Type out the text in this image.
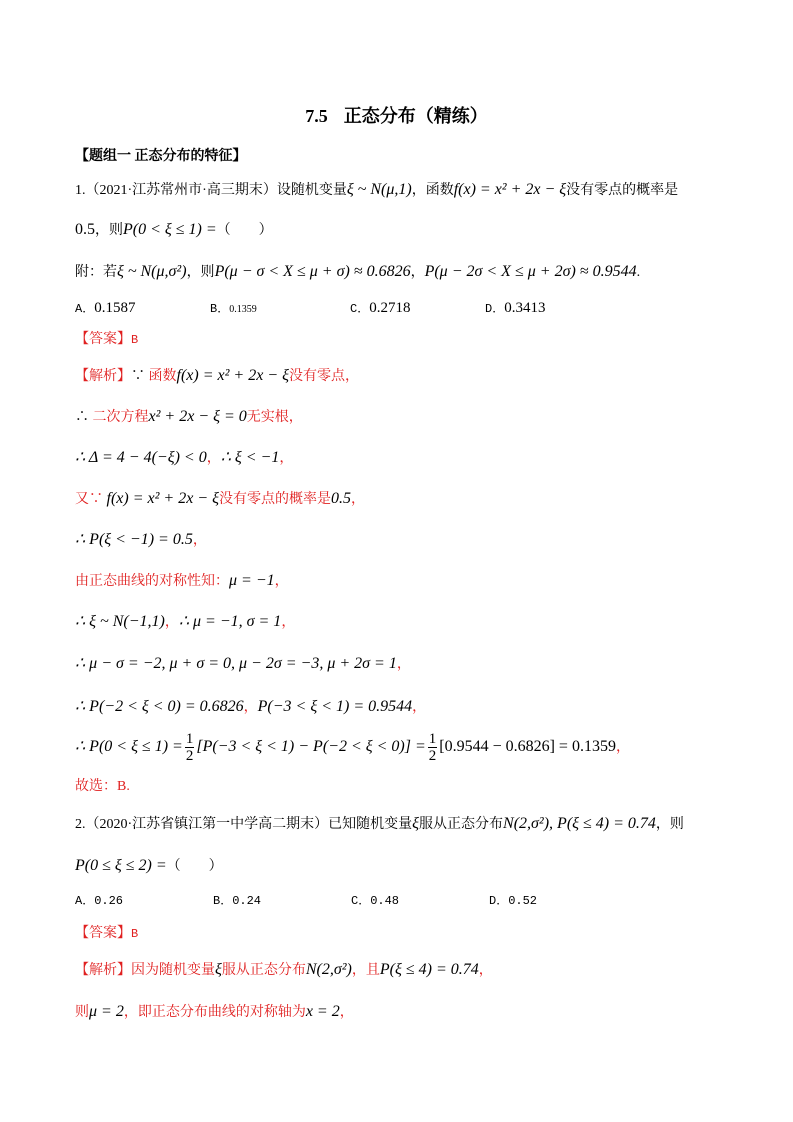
7.5 正态分布（精练）
【题组一 正态分布的特征】
1.（2021·江苏常州市·高三期末）设随机变量ξ ~ N(μ,1)，函数f(x) = x² + 2x − ξ没有零点的概率是
0.5，则P(0 < ξ ≤ 1) =（　　）
附：若ξ ~ N(μ,σ²)，则P(μ − σ < X ≤ μ + σ) ≈ 0.6826，P(μ − 2σ < X ≤ μ + 2σ) ≈ 0.9544.
A．0.1587	B．0.1359	C．0.2718	D．0.3413
【答案】B
【解析】∵ 函数f(x) = x² + 2x − ξ没有零点，
∴ 二次方程x² + 2x − ξ = 0无实根，
∴ Δ = 4 − 4(−ξ) < 0，∴ ξ < −1，
又∵ f(x) = x² + 2x − ξ没有零点的概率是0.5，
∴ P(ξ < −1) = 0.5，
由正态曲线的对称性知：μ = −1，
∴ ξ ~ N(−1,1)，∴ μ = −1, σ = 1，
∴ μ − σ = −2, μ + σ = 0, μ − 2σ = −3, μ + 2σ = 1，
∴ P(−2 < ξ < 0) = 0.6826，P(−3 < ξ < 1) = 0.9544，
∴ $P(0 < \xi \le 1) = \frac{1}{2} [P(-3 < \xi < 1) - P(-2 < \xi < 0)] = \frac{1}{2} [0.9544 - 0.6826] = 0.1359$，
故选：B.
2.（2020·江苏省镇江第一中学高二期末）已知随机变量ξ服从正态分布N(2,σ²), P(ξ ≤ 4) = 0.74，则
P(0 ≤ ξ ≤ 2) =（　　）
A．0.26	B．0.24	C．0.48	D．0.52
【答案】B
【解析】因为随机变量ξ服从正态分布N(2,σ²)，且P(ξ ≤ 4) = 0.74，
则μ = 2，即正态分布曲线的对称轴为x = 2，
